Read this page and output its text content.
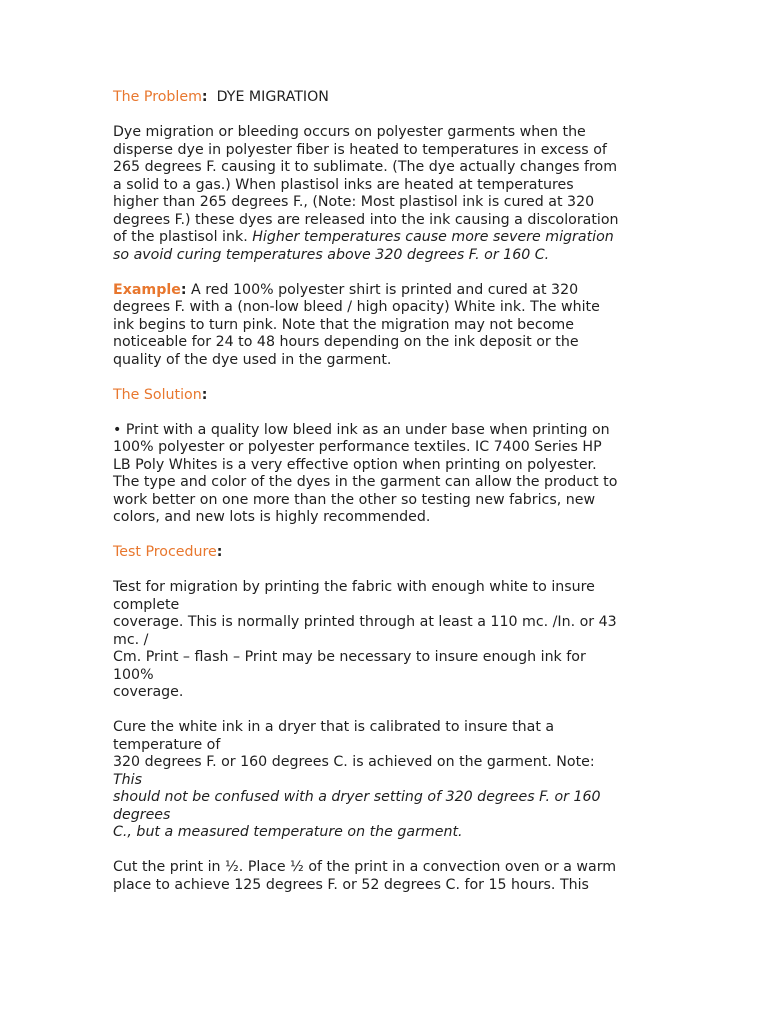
The Problem: DYE MIGRATION
Dye migration or bleeding occurs on polyester garments when the
disperse dye in polyester fiber is heated to temperatures in excess of
265 degrees F. causing it to sublimate. (The dye actually changes from
a solid to a gas.) When plastisol inks are heated at temperatures
higher than 265 degrees F., (Note: Most plastisol ink is cured at 320
degrees F.) these dyes are released into the ink causing a discoloration
of the plastisol ink. Higher temperatures cause more severe migration
so avoid curing temperatures above 320 degrees F. or 160 C.
Example: A red 100% polyester shirt is printed and cured at 320
degrees F. with a (non-low bleed / high opacity) White ink. The white
ink begins to turn pink. Note that the migration may not become
noticeable for 24 to 48 hours depending on the ink deposit or the
quality of the dye used in the garment.
The Solution:
• Print with a quality low bleed ink as an under base when printing on
100% polyester or polyester performance textiles. IC 7400 Series HP
LB Poly Whites is a very effective option when printing on polyester.
The type and color of the dyes in the garment can allow the product to
work better on one more than the other so testing new fabrics, new
colors, and new lots is highly recommended.
Test Procedure:
Test for migration by printing the fabric with enough white to insure
complete
coverage. This is normally printed through at least a 110 mc. /In. or 43
mc. /
Cm. Print – flash – Print may be necessary to insure enough ink for
100%
coverage.
Cure the white ink in a dryer that is calibrated to insure that a
temperature of
320 degrees F. or 160 degrees C. is achieved on the garment. Note:
This
should not be confused with a dryer setting of 320 degrees F. or 160
degrees
C., but a measured temperature on the garment.
Cut the print in ½. Place ½ of the print in a convection oven or a warm
place to achieve 125 degrees F. or 52 degrees C. for 15 hours. This
